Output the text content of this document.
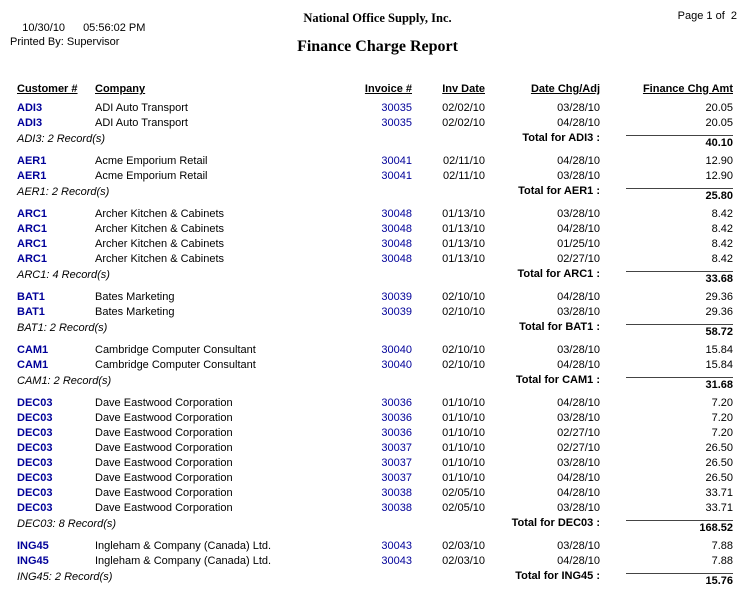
10/30/10 05:56:02 PM

Printed By: Supervisor
National Office Supply, Inc.
Finance Charge Report
Page 1 of  2
Customer #	Company	Invoice #	Inv Date	Date Chg/Adj	Finance Chg Amt
ADI3	ADI Auto Transport	30035	02/02/10	03/28/10	20.05
ADI3	ADI Auto Transport	30035	02/02/10	04/28/10	20.05
ADI3: 2 Record(s)	Total for ADI3 :	40.10
AER1	Acme Emporium Retail	30041	02/11/10	04/28/10	12.90
AER1	Acme Emporium Retail	30041	02/11/10	03/28/10	12.90
AER1: 2 Record(s)	Total for AER1 :	25.80
ARC1	Archer Kitchen & Cabinets	30048	01/13/10	03/28/10	8.42
ARC1	Archer Kitchen & Cabinets	30048	01/13/10	04/28/10	8.42
ARC1	Archer Kitchen & Cabinets	30048	01/13/10	01/25/10	8.42
ARC1	Archer Kitchen & Cabinets	30048	01/13/10	02/27/10	8.42
ARC1: 4 Record(s)	Total for ARC1 :	33.68
BAT1	Bates Marketing	30039	02/10/10	04/28/10	29.36
BAT1	Bates Marketing	30039	02/10/10	03/28/10	29.36
BAT1: 2 Record(s)	Total for BAT1 :	58.72
CAM1	Cambridge Computer Consultant	30040	02/10/10	03/28/10	15.84
CAM1	Cambridge Computer Consultant	30040	02/10/10	04/28/10	15.84
CAM1: 2 Record(s)	Total for CAM1 :	31.68
DEC03	Dave Eastwood Corporation	30036	01/10/10	04/28/10	7.20
DEC03	Dave Eastwood Corporation	30036	01/10/10	03/28/10	7.20
DEC03	Dave Eastwood Corporation	30036	01/10/10	02/27/10	7.20
DEC03	Dave Eastwood Corporation	30037	01/10/10	02/27/10	26.50
DEC03	Dave Eastwood Corporation	30037	01/10/10	03/28/10	26.50
DEC03	Dave Eastwood Corporation	30037	01/10/10	04/28/10	26.50
DEC03	Dave Eastwood Corporation	30038	02/05/10	04/28/10	33.71
DEC03	Dave Eastwood Corporation	30038	02/05/10	03/28/10	33.71
DEC03: 8 Record(s)	Total for DEC03 :	168.52
ING45	Ingleham & Company (Canada) Ltd.	30043	02/03/10	03/28/10	7.88
ING45	Ingleham & Company (Canada) Ltd.	30043	02/03/10	04/28/10	7.88
ING45: 2 Record(s)	Total for ING45 :	15.76
